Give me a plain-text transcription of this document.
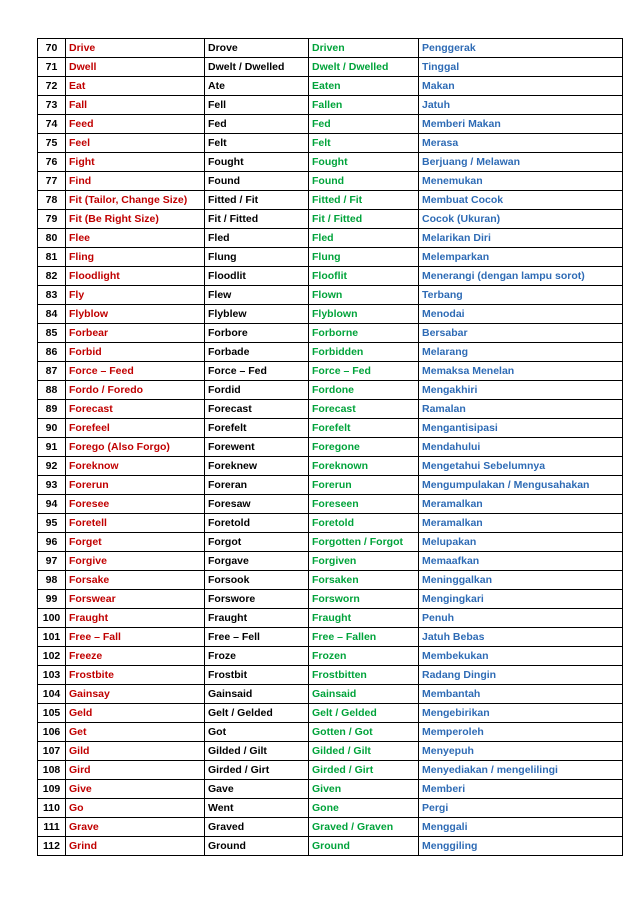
70	Drive	Drove	Driven	Penggerak
71	Dwell	Dwelt / Dwelled	Dwelt / Dwelled	Tinggal
72	Eat	Ate	Eaten	Makan
73	Fall	Fell	Fallen	Jatuh
74	Feed	Fed	Fed	Memberi Makan
75	Feel	Felt	Felt	Merasa
76	Fight	Fought	Fought	Berjuang / Melawan
77	Find	Found	Found	Menemukan
78	Fit (Tailor, Change Size)	Fitted / Fit	Fitted / Fit	Membuat Cocok
79	Fit (Be Right Size)	Fit / Fitted	Fit / Fitted	Cocok (Ukuran)
80	Flee	Fled	Fled	Melarikan Diri
81	Fling	Flung	Flung	Melemparkan
82	Floodlight	Floodlit	Flooflit	Menerangi (dengan lampu sorot)
83	Fly	Flew	Flown	Terbang
84	Flyblow	Flyblew	Flyblown	Menodai
85	Forbear	Forbore	Forborne	Bersabar
86	Forbid	Forbade	Forbidden	Melarang
87	Force – Feed	Force – Fed	Force – Fed	Memaksa Menelan
88	Fordo / Foredo	Fordid	Fordone	Mengakhiri
89	Forecast	Forecast	Forecast	Ramalan
90	Forefeel	Forefelt	Forefelt	Mengantisipasi
91	Forego (Also Forgo)	Forewent	Foregone	Mendahului
92	Foreknow	Foreknew	Foreknown	Mengetahui Sebelumnya
93	Forerun	Foreran	Forerun	Mengumpulakan / Mengusahakan
94	Foresee	Foresaw	Foreseen	Meramalkan
95	Foretell	Foretold	Foretold	Meramalkan
96	Forget	Forgot	Forgotten / Forgot	Melupakan
97	Forgive	Forgave	Forgiven	Memaafkan
98	Forsake	Forsook	Forsaken	Meninggalkan
99	Forswear	Forswore	Forsworn	Mengingkari
100	Fraught	Fraught	Fraught	Penuh
101	Free – Fall	Free – Fell	Free – Fallen	Jatuh Bebas
102	Freeze	Froze	Frozen	Membekukan
103	Frostbite	Frostbit	Frostbitten	Radang Dingin
104	Gainsay	Gainsaid	Gainsaid	Membantah
105	Geld	Gelt / Gelded	Gelt / Gelded	Mengebirikan
106	Get	Got	Gotten / Got	Memperoleh
107	Gild	Gilded / Gilt	Gilded / Gilt	Menyepuh
108	Gird	Girded / Girt	Girded / Girt	Menyediakan / mengelilingi
109	Give	Gave	Given	Memberi
110	Go	Went	Gone	Pergi
111	Grave	Graved	Graved / Graven	Menggali
112	Grind	Ground	Ground	Menggiling
